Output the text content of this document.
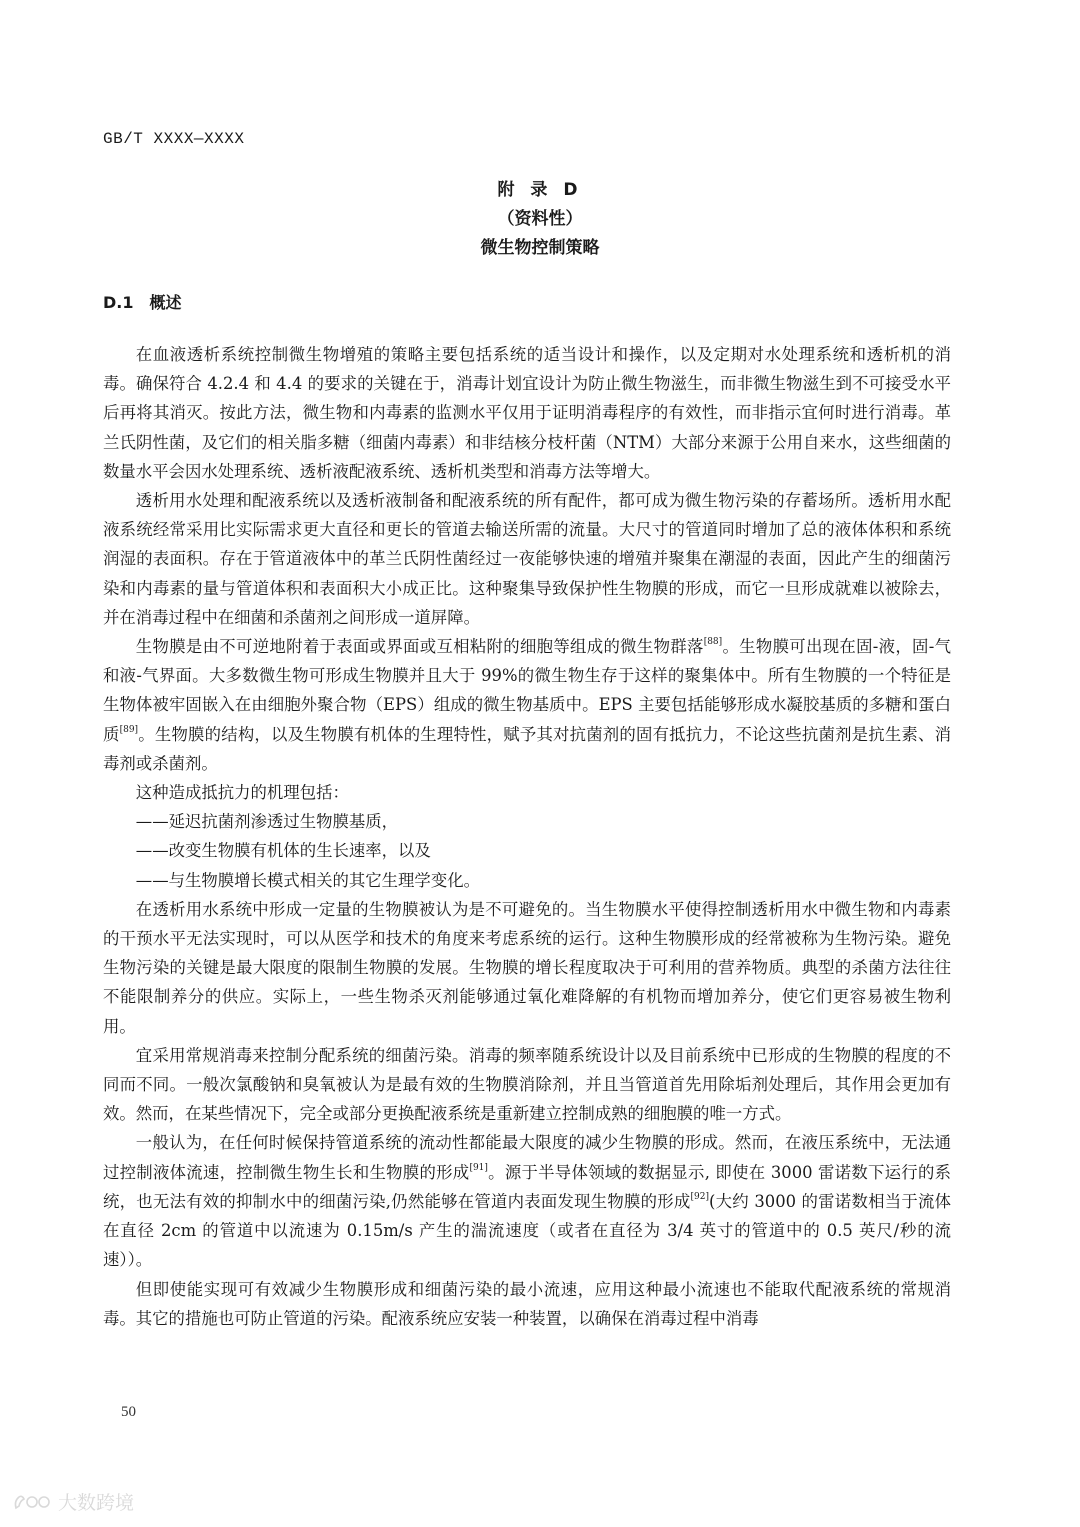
GB/T XXXX—XXXX
附 录 D
（资料性）
微生物控制策略
D.1 概述

在血液透析系统控制微生物增殖的策略主要包括系统的适当设计和操作，以及定期对水处理系统和透析机的消毒。确保符合 4.2.4 和 4.4 的要求的关键在于，消毒计划宜设计为防止微生物滋生，而非微生物滋生到不可接受水平后再将其消灭。按此方法，微生物和内毒素的监测水平仅用于证明消毒程序的有效性，而非指示宜何时进行消毒。革兰氏阴性菌，及它们的相关脂多糖（细菌内毒素）和非结核分枝杆菌（NTM）大部分来源于公用自来水，这些细菌的数量水平会因水处理系统、透析液配液系统、透析机类型和消毒方法等增大。

透析用水处理和配液系统以及透析液制备和配液系统的所有配件，都可成为微生物污染的存蓄场所。透析用水配液系统经常采用比实际需求更大直径和更长的管道去输送所需的流量。大尺寸的管道同时增加了总的液体体积和系统润湿的表面积。存在于管道液体中的革兰氏阴性菌经过一夜能够快速的增殖并聚集在潮湿的表面，因此产生的细菌污染和内毒素的量与管道体积和表面积大小成正比。这种聚集导致保护性生物膜的形成，而它一旦形成就难以被除去，并在消毒过程中在细菌和杀菌剂之间形成一道屏障。

生物膜是由不可逆地附着于表面或界面或互相粘附的细胞等组成的微生物群落[88]。生物膜可出现在固-液，固-气和液-气界面。大多数微生物可形成生物膜并且大于 99%的微生物生存于这样的聚集体中。所有生物膜的一个特征是生物体被牢固嵌入在由细胞外聚合物（EPS）组成的微生物基质中。EPS 主要包括能够形成水凝胶基质的多糖和蛋白质[89]。生物膜的结构，以及生物膜有机体的生理特性，赋予其对抗菌剂的固有抵抗力，不论这些抗菌剂是抗生素、消毒剂或杀菌剂。

这种造成抵抗力的机理包括：

——延迟抗菌剂渗透过生物膜基质，

——改变生物膜有机体的生长速率，以及

——与生物膜增长模式相关的其它生理学变化。

在透析用水系统中形成一定量的生物膜被认为是不可避免的。当生物膜水平使得控制透析用水中微生物和内毒素的干预水平无法实现时，可以从医学和技术的角度来考虑系统的运行。这种生物膜形成的经常被称为生物污染。避免生物污染的关键是最大限度的限制生物膜的发展。生物膜的增长程度取决于可利用的营养物质。典型的杀菌方法往往不能限制养分的供应。实际上，一些生物杀灭剂能够通过氧化难降解的有机物而增加养分，使它们更容易被生物利用。

宜采用常规消毒来控制分配系统的细菌污染。消毒的频率随系统设计以及目前系统中已形成的生物膜的程度的不同而不同。一般次氯酸钠和臭氧被认为是最有效的生物膜消除剂，并且当管道首先用除垢剂处理后，其作用会更加有效。然而，在某些情况下，完全或部分更换配液系统是重新建立控制成熟的细胞膜的唯一方式。

一般认为，在任何时候保持管道系统的流动性都能最大限度的减少生物膜的形成。然而，在液压系统中，无法通过控制液体流速，控制微生物生长和生物膜的形成[91]。源于半导体领域的数据显示, 即使在 3000 雷诺数下运行的系统，也无法有效的抑制水中的细菌污染,仍然能够在管道内表面发现生物膜的形成[92](大约 3000 的雷诺数相当于流体在直径 2cm 的管道中以流速为 0.15m/s 产生的湍流速度（或者在直径为 3/4 英寸的管道中的 0.5 英尺/秒的流速））。

但即使能实现可有效减少生物膜形成和细菌污染的最小流速，应用这种最小流速也不能取代配液系统的常规消毒。其它的措施也可防止管道的污染。配液系统应安装一种装置，以确保在消毒过程中消毒

50
大数跨境
